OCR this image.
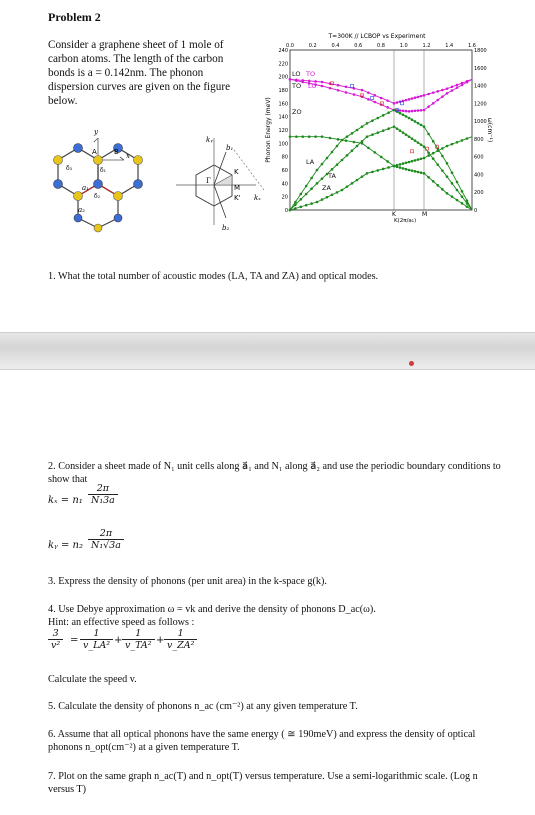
Problem 2
Consider a graphene sheet of 1 mole of carbon atoms. The length of the carbon bonds is a = 0.142nm. The phonon dispersion curves are given on the figure below.
y
x
A B
δ₃	δ₁
δ₂
a₁
a₂
kᵧ
kₓ
b₁
b₂
Γ
K
M
K'
T=300K // LCBOP vs Experiment
0.0	0.2	0.4	0.6	0.8	1.0	1.2	1.4	1.6
0
20
40
60
80
100
120
140
160
180
200
220
240
0
200
400
600
800
1000
1200
1400
1600
1800
Phonon Energy (meV)	ω(cm⁻¹)
K(2π/a₁)
K	M
LO TO
TO LO
ZO
LA
TA
ZA
1. What the total number of acoustic modes (LA, TA and ZA) and optical modes.
2. Consider a sheet made of N₁ unit cells along a⃗₁ and N₁ along a⃗₂ and use the periodic boundary conditions to show that
$k_x = n_1 \frac{2\pi}{\text{N₁3a}}$
kᵧ = $n_2 \frac{2\pi}{\text{N₁√3a}}$
3. Express the density of phonons (per unit area) in the k-space g(k).
4. Use Debye approximation ω = vk and derive the density of phonons D_ac(ω).
Hint: an effective speed as follows :
$\frac{3}{\text{v²}} = \frac{1}{\text{v\_LA²}} + \frac{1}{\text{v\_TA²}} + \frac{1}{\text{v\_ZA²}}$
Calculate the speed v.
5. Calculate the density of phonons n_ac (cm⁻²) at any given temperature T.
6. Assume that all optical phonons have the same energy ( ≅ 190meV) and express the density of optical phonons n_opt(cm⁻²) at a given temperature T.
7. Plot on the same graph n_ac(T) and n_opt(T) versus temperature. Use a semi-logarithmic scale. (Log n versus T)
